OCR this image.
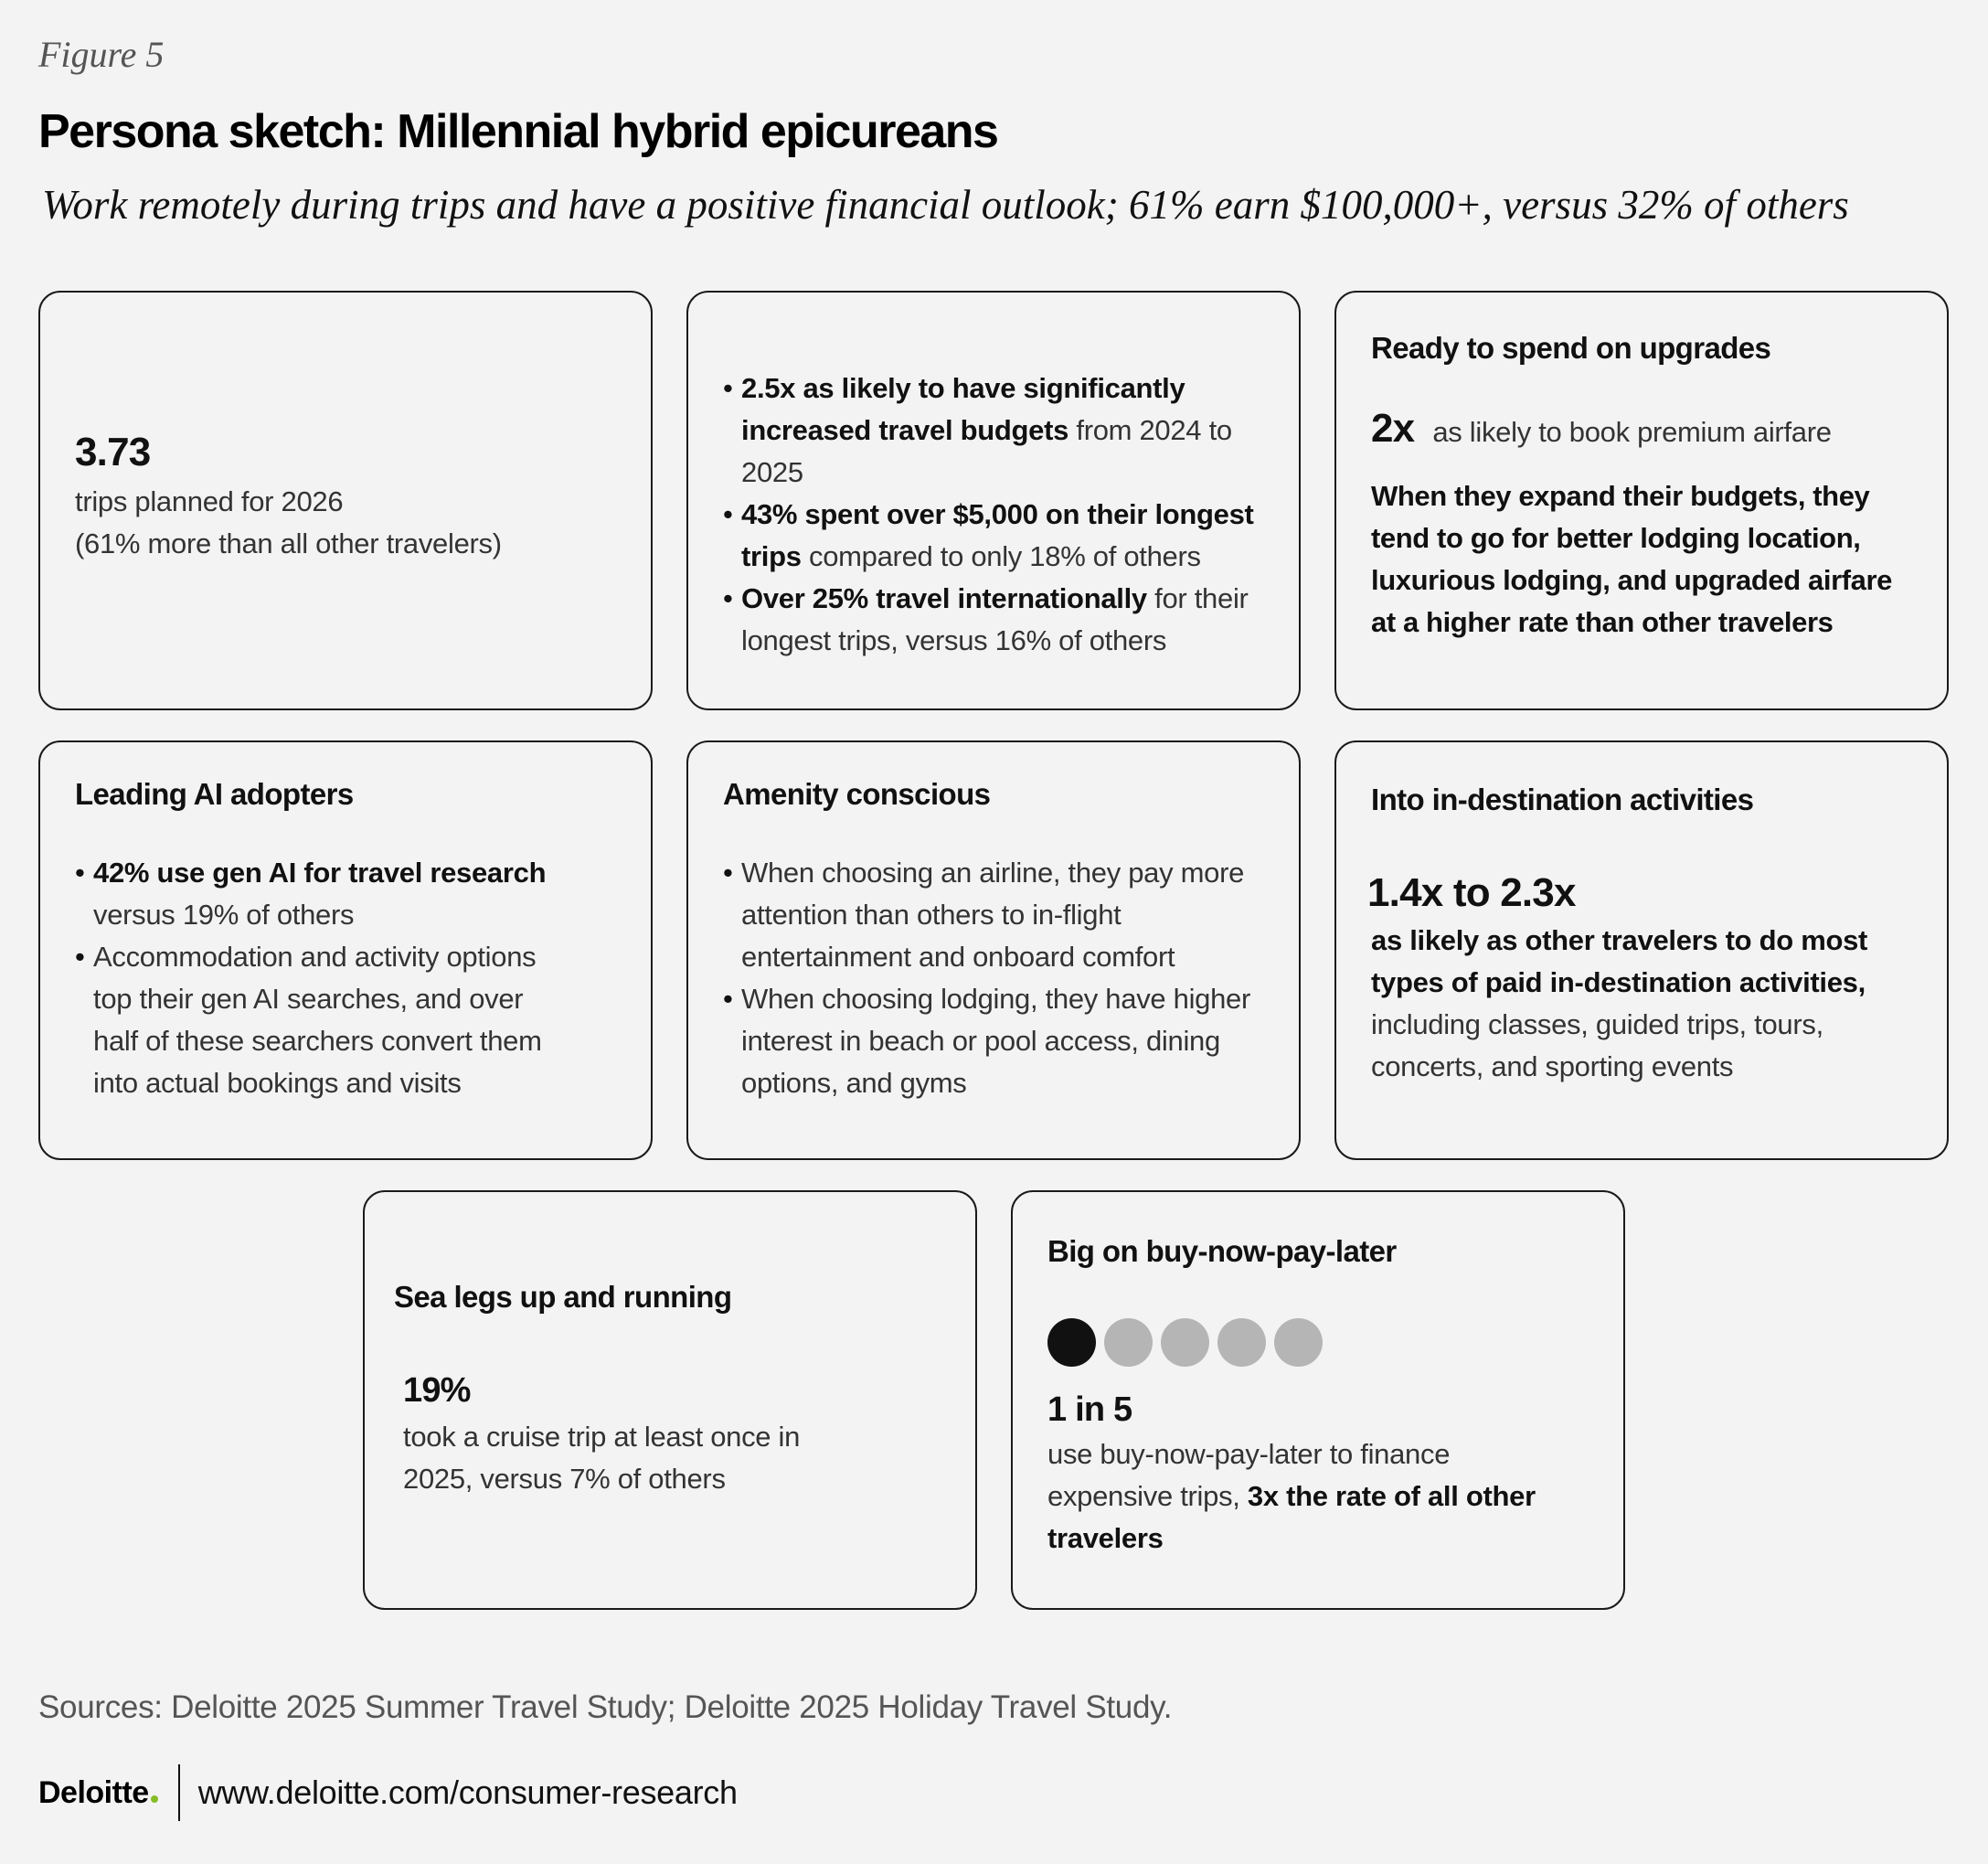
Figure 5
Persona sketch: Millennial hybrid epicureans
Work remotely during trips and have a positive financial outlook; 61% earn $100,000+, versus 32% of others
3.73
trips planned for 2026
(61% more than all other travelers)
• 2.5x as likely to have significantly increased travel budgets from 2024 to 2025
• 43% spent over $5,000 on their longest trips compared to only 18% of others
• Over 25% travel internationally for their longest trips, versus 16% of others
Ready to spend on upgrades
2x as likely to book premium airfare
When they expand their budgets, they tend to go for better lodging location, luxurious lodging, and upgraded airfare at a higher rate than other travelers
Leading AI adopters
• 42% use gen AI for travel research versus 19% of others
• Accommodation and activity options top their gen AI searches, and over half of these searchers convert them into actual bookings and visits
Amenity conscious
• When choosing an airline, they pay more attention than others to in-flight entertainment and onboard comfort
• When choosing lodging, they have higher interest in beach or pool access, dining options, and gyms
Into in-destination activities
1.4x to 2.3x
as likely as other travelers to do most types of paid in-destination activities, including classes, guided trips, tours, concerts, and sporting events
Sea legs up and running
19%
took a cruise trip at least once in 2025, versus 7% of others
Big on buy-now-pay-later
1 in 5
use buy-now-pay-later to finance expensive trips, 3x the rate of all other travelers
Sources: Deloitte 2025 Summer Travel Study; Deloitte 2025 Holiday Travel Study.
Deloitte www.deloitte.com/consumer-research
